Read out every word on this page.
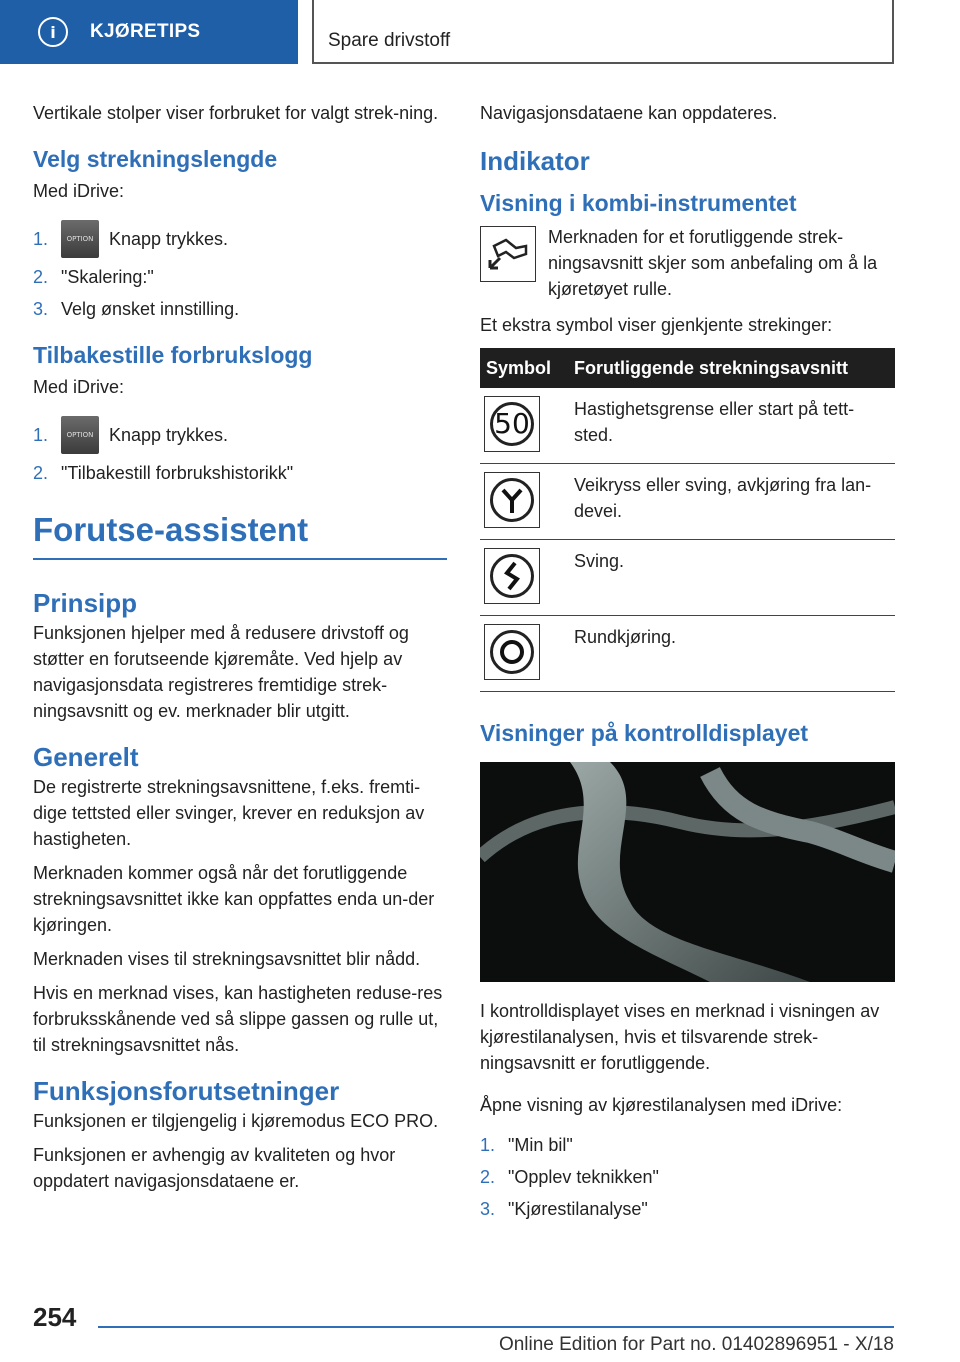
i	KJØRETIPS	Spare drivstoff

Vertikale stolper viser forbruket for valgt strek-ning.

Velg strekningslengde

Med iDrive:

1.	OPTION Knapp trykkes.
2. "Skalering:"
3. Velg ønsket innstilling.
Tilbakestille forbrukslogg

Med iDrive:

1.	OPTION Knapp trykkes.
2. "Tilbakestill forbrukshistorikk"
Forutse-assistent
Prinsipp

Funksjonen hjelper med å redusere drivstoff og støtter en forutseende kjøremåte. Ved hjelp av navigasjonsdata registreres fremtidige strek-ningsavsnitt og ev. merknader blir utgitt.

Generelt

De registrerte strekningsavsnittene, f.eks. fremti-dige tettsted eller svinger, krever en reduksjon av hastigheten.

Merknaden kommer også når det forutliggende strekningsavsnittet ikke kan oppfattes enda un-der kjøringen.

Merknaden vises til strekningsavsnittet blir nådd.

Hvis en merknad vises, kan hastigheten reduse-res forbruksskånende ved så slippe gassen og rulle ut, til strekningsavsnittet nås.

Funksjonsforutsetninger

Funksjonen er tilgjengelig i kjøremodus ECO PRO.

Funksjonen er avhengig av kvaliteten og hvor oppdatert navigasjonsdataene er.

Navigasjonsdataene kan oppdateres.

Indikator
Visning i kombi-instrumentet

Merknaden for et forutliggende strek-ningsavsnitt skjer som anbefaling om å la kjøretøyet rulle.

Et ekstra symbol viser gjenkjente strekinger:

Symbol	Forutliggende strekningsavsnitt

50	Hastighetsgrense eller start på tett-sted.

	Veikryss eller sving, avkjøring fra lan-devei.

	Sving.

	Rundkjøring.
Visninger på kontrolldisplayet

I kontrolldisplayet vises en merknad i visningen av kjørestilanalysen, hvis et tilsvarende strek-ningsavsnitt er forutliggende.

Åpne visning av kjørestilanalysen med iDrive:

1. "Min bil"
2. "Opplev teknikken"
3. "Kjørestilanalyse"
254
Online Edition for Part no. 01402896951 - X/18
